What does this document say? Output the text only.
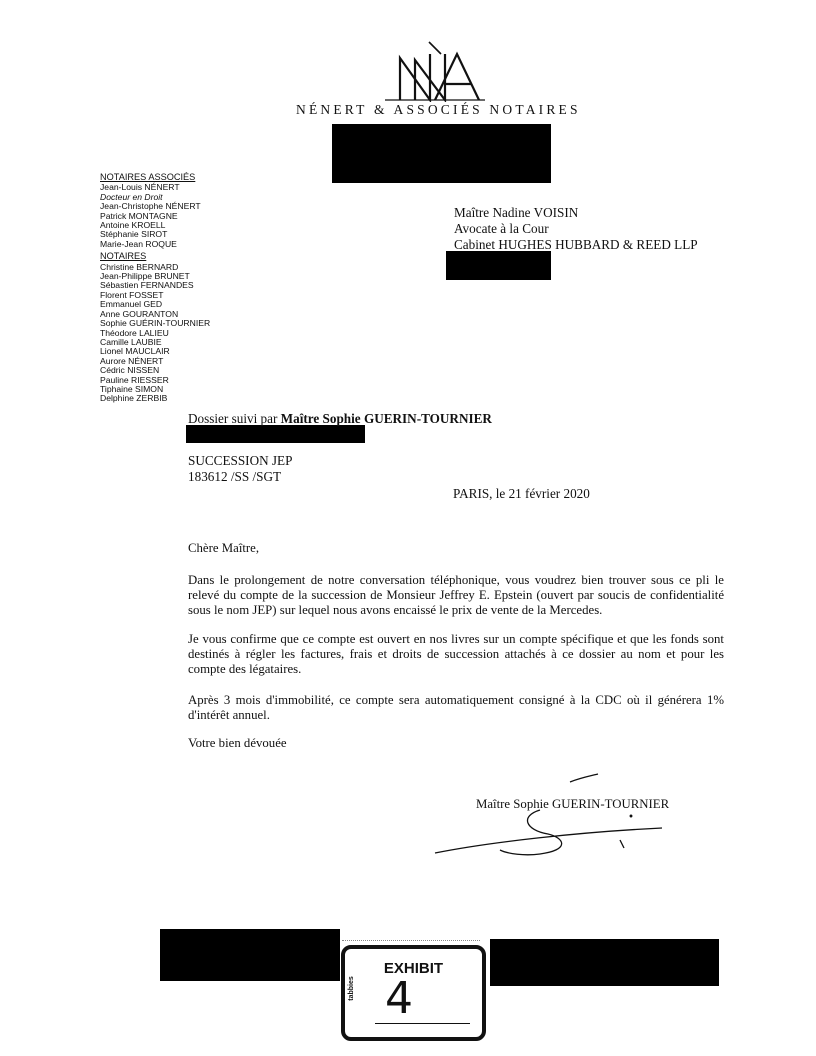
NÉNERT & ASSOCIÉS NOTAIRES
NOTAIRES ASSOCIÉS
Jean-Louis NÉNERT
Docteur en Droit
Jean-Christophe NÉNERT
Patrick MONTAGNE
Antoine KROELL
Stéphanie SIROT
Marie-Jean ROQUE
NOTAIRES
Christine BERNARD
Jean-Philippe BRUNET
Sébastien FERNANDES
Florent FOSSET
Emmanuel GED
Anne GOURANTON
Sophie GUÉRIN-TOURNIER
Théodore LALIEU
Camille LAUBIE
Lionel MAUCLAIR
Aurore NÉNERT
Cédric NISSEN
Pauline RIESSER
Tiphaine SIMON
Delphine ZERBIB
Maître Nadine VOISIN
Avocate à la Cour
Cabinet HUGHES HUBBARD & REED LLP
Dossier suivi par Maître Sophie GUERIN-TOURNIER
SUCCESSION JEP
183612 /SS /SGT
PARIS, le 21 février 2020
Chère Maître,
Dans le prolongement de notre conversation téléphonique, vous voudrez bien trouver sous ce pli le relevé du compte de la succession de Monsieur Jeffrey E. Epstein (ouvert par soucis de confidentialité sous le nom JEP) sur lequel nous avons encaissé le prix de vente de la Mercedes.
Je vous confirme que ce compte est ouvert en nos livres sur un compte spécifique et que les fonds sont destinés à régler les factures, frais et droits de succession attachés à ce dossier au nom et pour les compte des légataires.
Après 3 mois d'immobilité, ce compte sera automatiquement consigné à la CDC où il générera 1% d'intérêt annuel.
Votre bien dévouée
Maître Sophie GUERIN-TOURNIER
EXHIBIT
4
tabbies
